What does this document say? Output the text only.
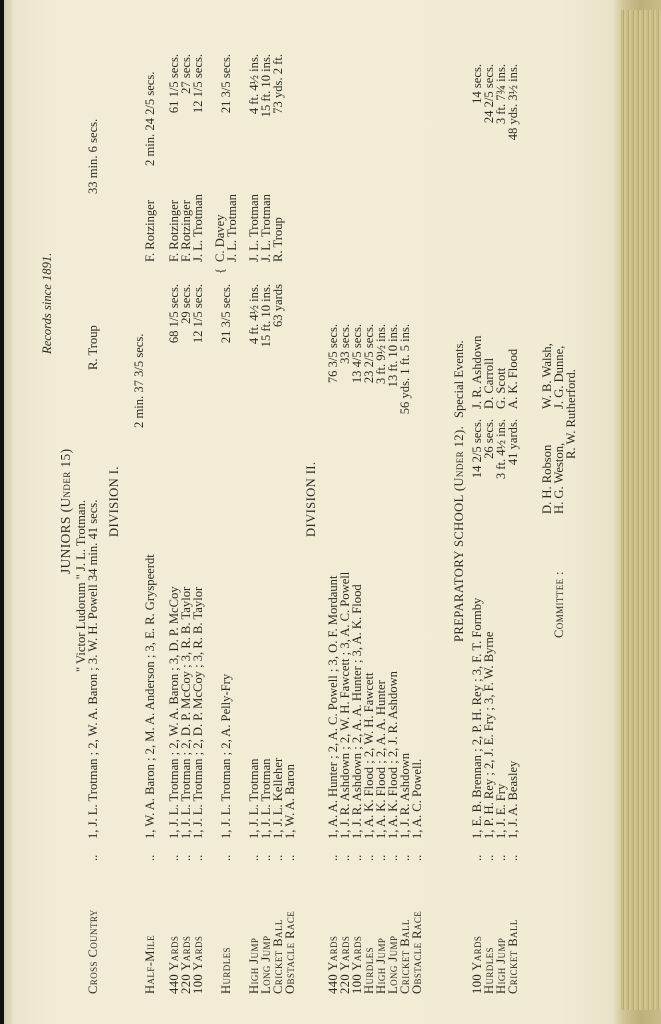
Records since 1891.
JUNIORS (Under 15) " Victor Ludorum " J. L. Trotman.
Cross Country
..
1, J. L. Trotman ; 2, W. A. Baron ; 3. W. H. Powell 34 min. 41 secs.
R. Troup
33 min. 6 secs.
DIVISION I.
Half-Mile
..
1, W. A. Baron ; 2, M. A. Anderson ; 3, E. R. Gryspeerdt
2 min. 37 3/5 secs.
F. Rotzinger
2 min. 24 2/5 secs.
440 Yards
..
1, J. L. Trotman ; 2, W. A. Baron ; 3, D. P. McCoy
68 1/5 secs.
F. Rotzinger
61 1/5 secs.
220 Yards
..
1, J. L. Trotman ; 2, D. P. McCoy ; 3, R. B. Taylor
29 secs.
F. Rotzinger
27 secs.
100 Yards
..
1, J. L. Trotman ; 2, D. P. McCoy ; 3, R. B. Taylor
12 1/5 secs.
J. L. Trotman
12 1/5 secs.
Hurdles
..
1, J. L. Trotman ; 2, A. Pelly-Fry
21 3/5 secs.
{
C. Davey
J. L. Trotman
21 3/5 secs.
High Jump
..
1, J. L. Trotman
4 ft. 4½ ins.
J. L. Trotman
4 ft. 4½ ins.
Long Jump
..
1, J. L. Trotman
15 ft. 10 ins.
J. L. Trotman
15 ft. 10 ins.
Cricket Ball
..
1, J. L. Kelleher
63 yards
R. Troup
73 yds. 2 ft.
Obstacle Race
..
1, W. A. Baron
DIVISION II.
440 Yards
..
1, A. A. Hunter ; 2, A. C. Powell ; 3, O. F. Mordaunt
76 3/5 secs.
220 Yards
..
1, J. R. Ashdown ; 2, W. H. Fawcett ; 3, A. C. Powell
33 secs.
100 Yards
..
1, J. R. Ashdown ; 2, A. A. Hunter ; 3, A. K. Flood
13 4/5 secs.
Hurdles
..
1, A. K. Flood ; 2, W. H. Fawcett
23 2/5 secs.
High Jump
..
1, A. K. Flood ; 2, A. A. Hunter
3 ft. 9½ ins.
Long Jump
..
1, A. K. Flood ; 2, J. R. Ashdown
13 ft. 10 ins.
Cricket Ball
..
1, J. R. Ashdown
56 yds. 1 ft. 5 ins.
Obstacle Race
..
1, A. C. Powell.
PREPARATORY SCHOOL (Under 12).
Special Events.
100 Yards
..
1, E. B. Brennan ; 2, P. H. Rey ; 3, F. T. Formby
14 2/5 secs.
J. R. Ashdown
14 secs.
Hurdles
..
1, P. H. Rey ; 2, J. E. Fry ; 3, F. W. Byrne
26 secs.
D. Carroll
24 2/5 secs.
High Jump
..
1, J. E. Fry
3 ft. 4½ ins.
G. Scott
3 ft. 7¾ ins.
Cricket Ball
..
1, J. A. Beasley
41 yards.
A. K. Flood
48 yds. 3½ ins.
D. H. Robson
W. B. Walsh,
Committee :
H. G. Weston,
J. G. Dunne,
R. W. Rutherford.
